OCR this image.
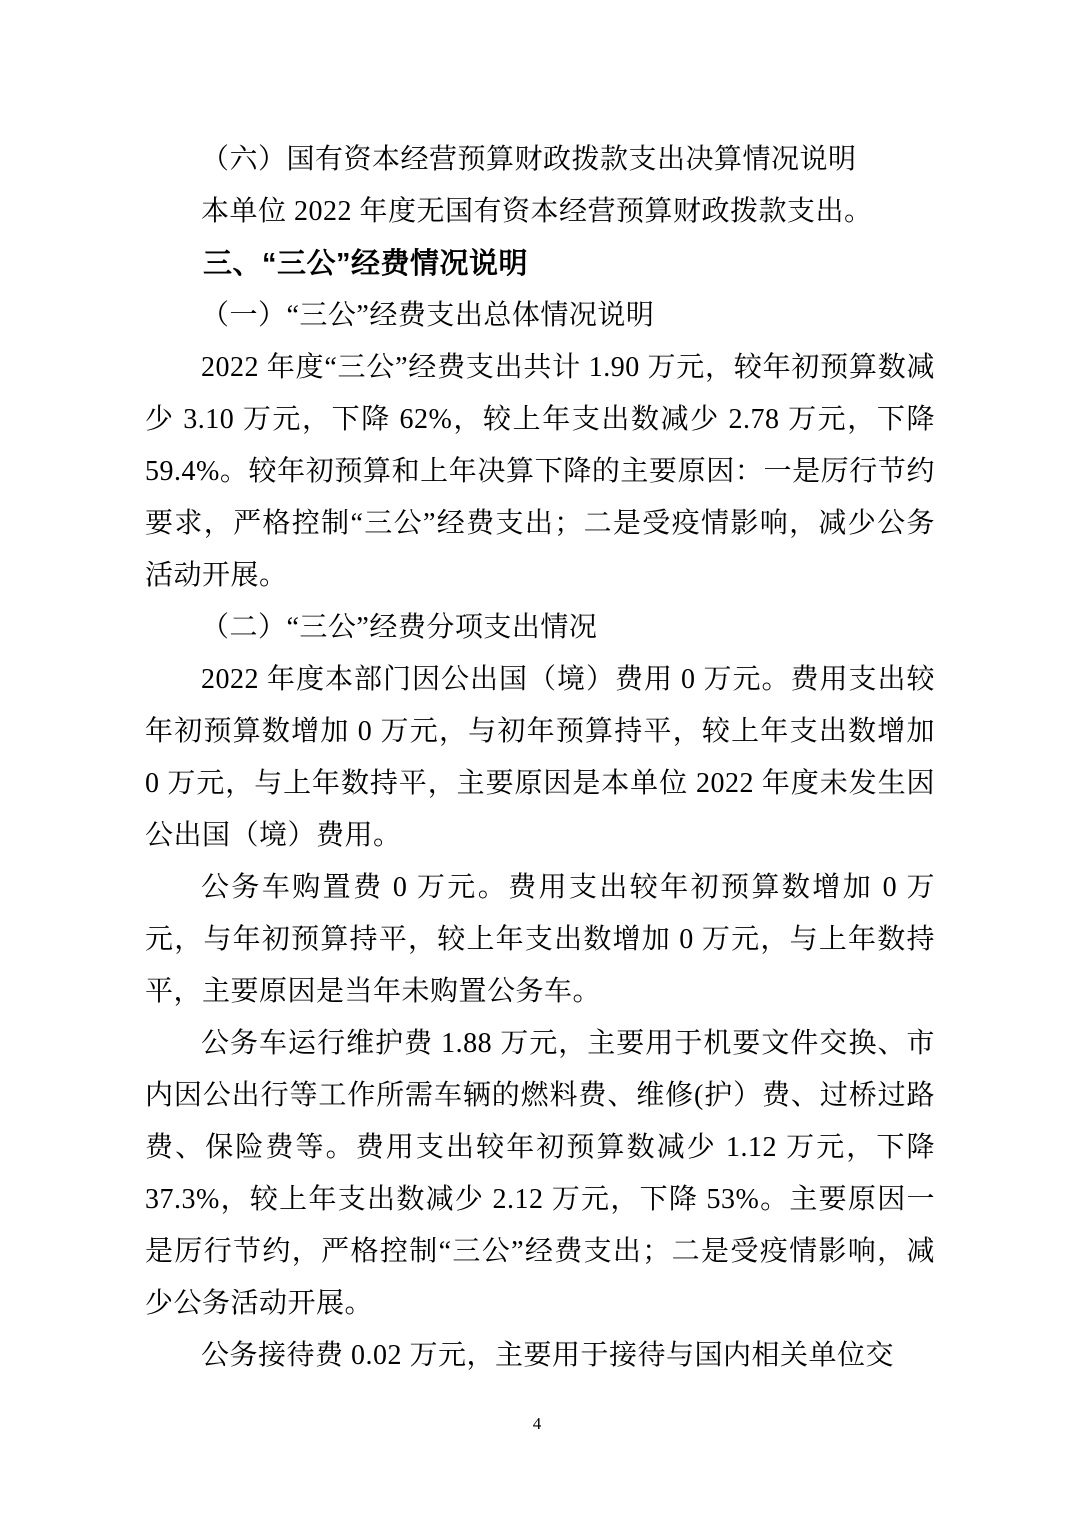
（六）国有资本经营预算财政拨款支出决算情况说明

本单位 2022 年度无国有资本经营预算财政拨款支出。

三、“三公”经费情况说明

（一）“三公”经费支出总体情况说明

2022 年度“三公”经费支出共计 1.90 万元，较年初预算数减少 3.10 万元，下降 62%，较上年支出数减少 2.78 万元，下降 59.4%。较年初预算和上年决算下降的主要原因：一是厉行节约要求，严格控制“三公”经费支出；二是受疫情影响，减少公务活动开展。

（二）“三公”经费分项支出情况

2022 年度本部门因公出国（境）费用 0 万元。费用支出较年初预算数增加 0 万元，与初年预算持平，较上年支出数增加 0 万元，与上年数持平，主要原因是本单位 2022 年度未发生因公出国（境）费用。

公务车购置费 0 万元。费用支出较年初预算数增加 0 万元，与年初预算持平，较上年支出数增加 0 万元，与上年数持平，主要原因是当年未购置公务车。

公务车运行维护费 1.88 万元，主要用于机要文件交换、市内因公出行等工作所需车辆的燃料费、维修(护）费、过桥过路费、保险费等。费用支出较年初预算数减少 1.12 万元，下降 37.3%，较上年支出数减少 2.12 万元，下降 53%。主要原因一是厉行节约，严格控制“三公”经费支出；二是受疫情影响，减少公务活动开展。

公务接待费 0.02 万元，主要用于接待与国内相关单位交

4
